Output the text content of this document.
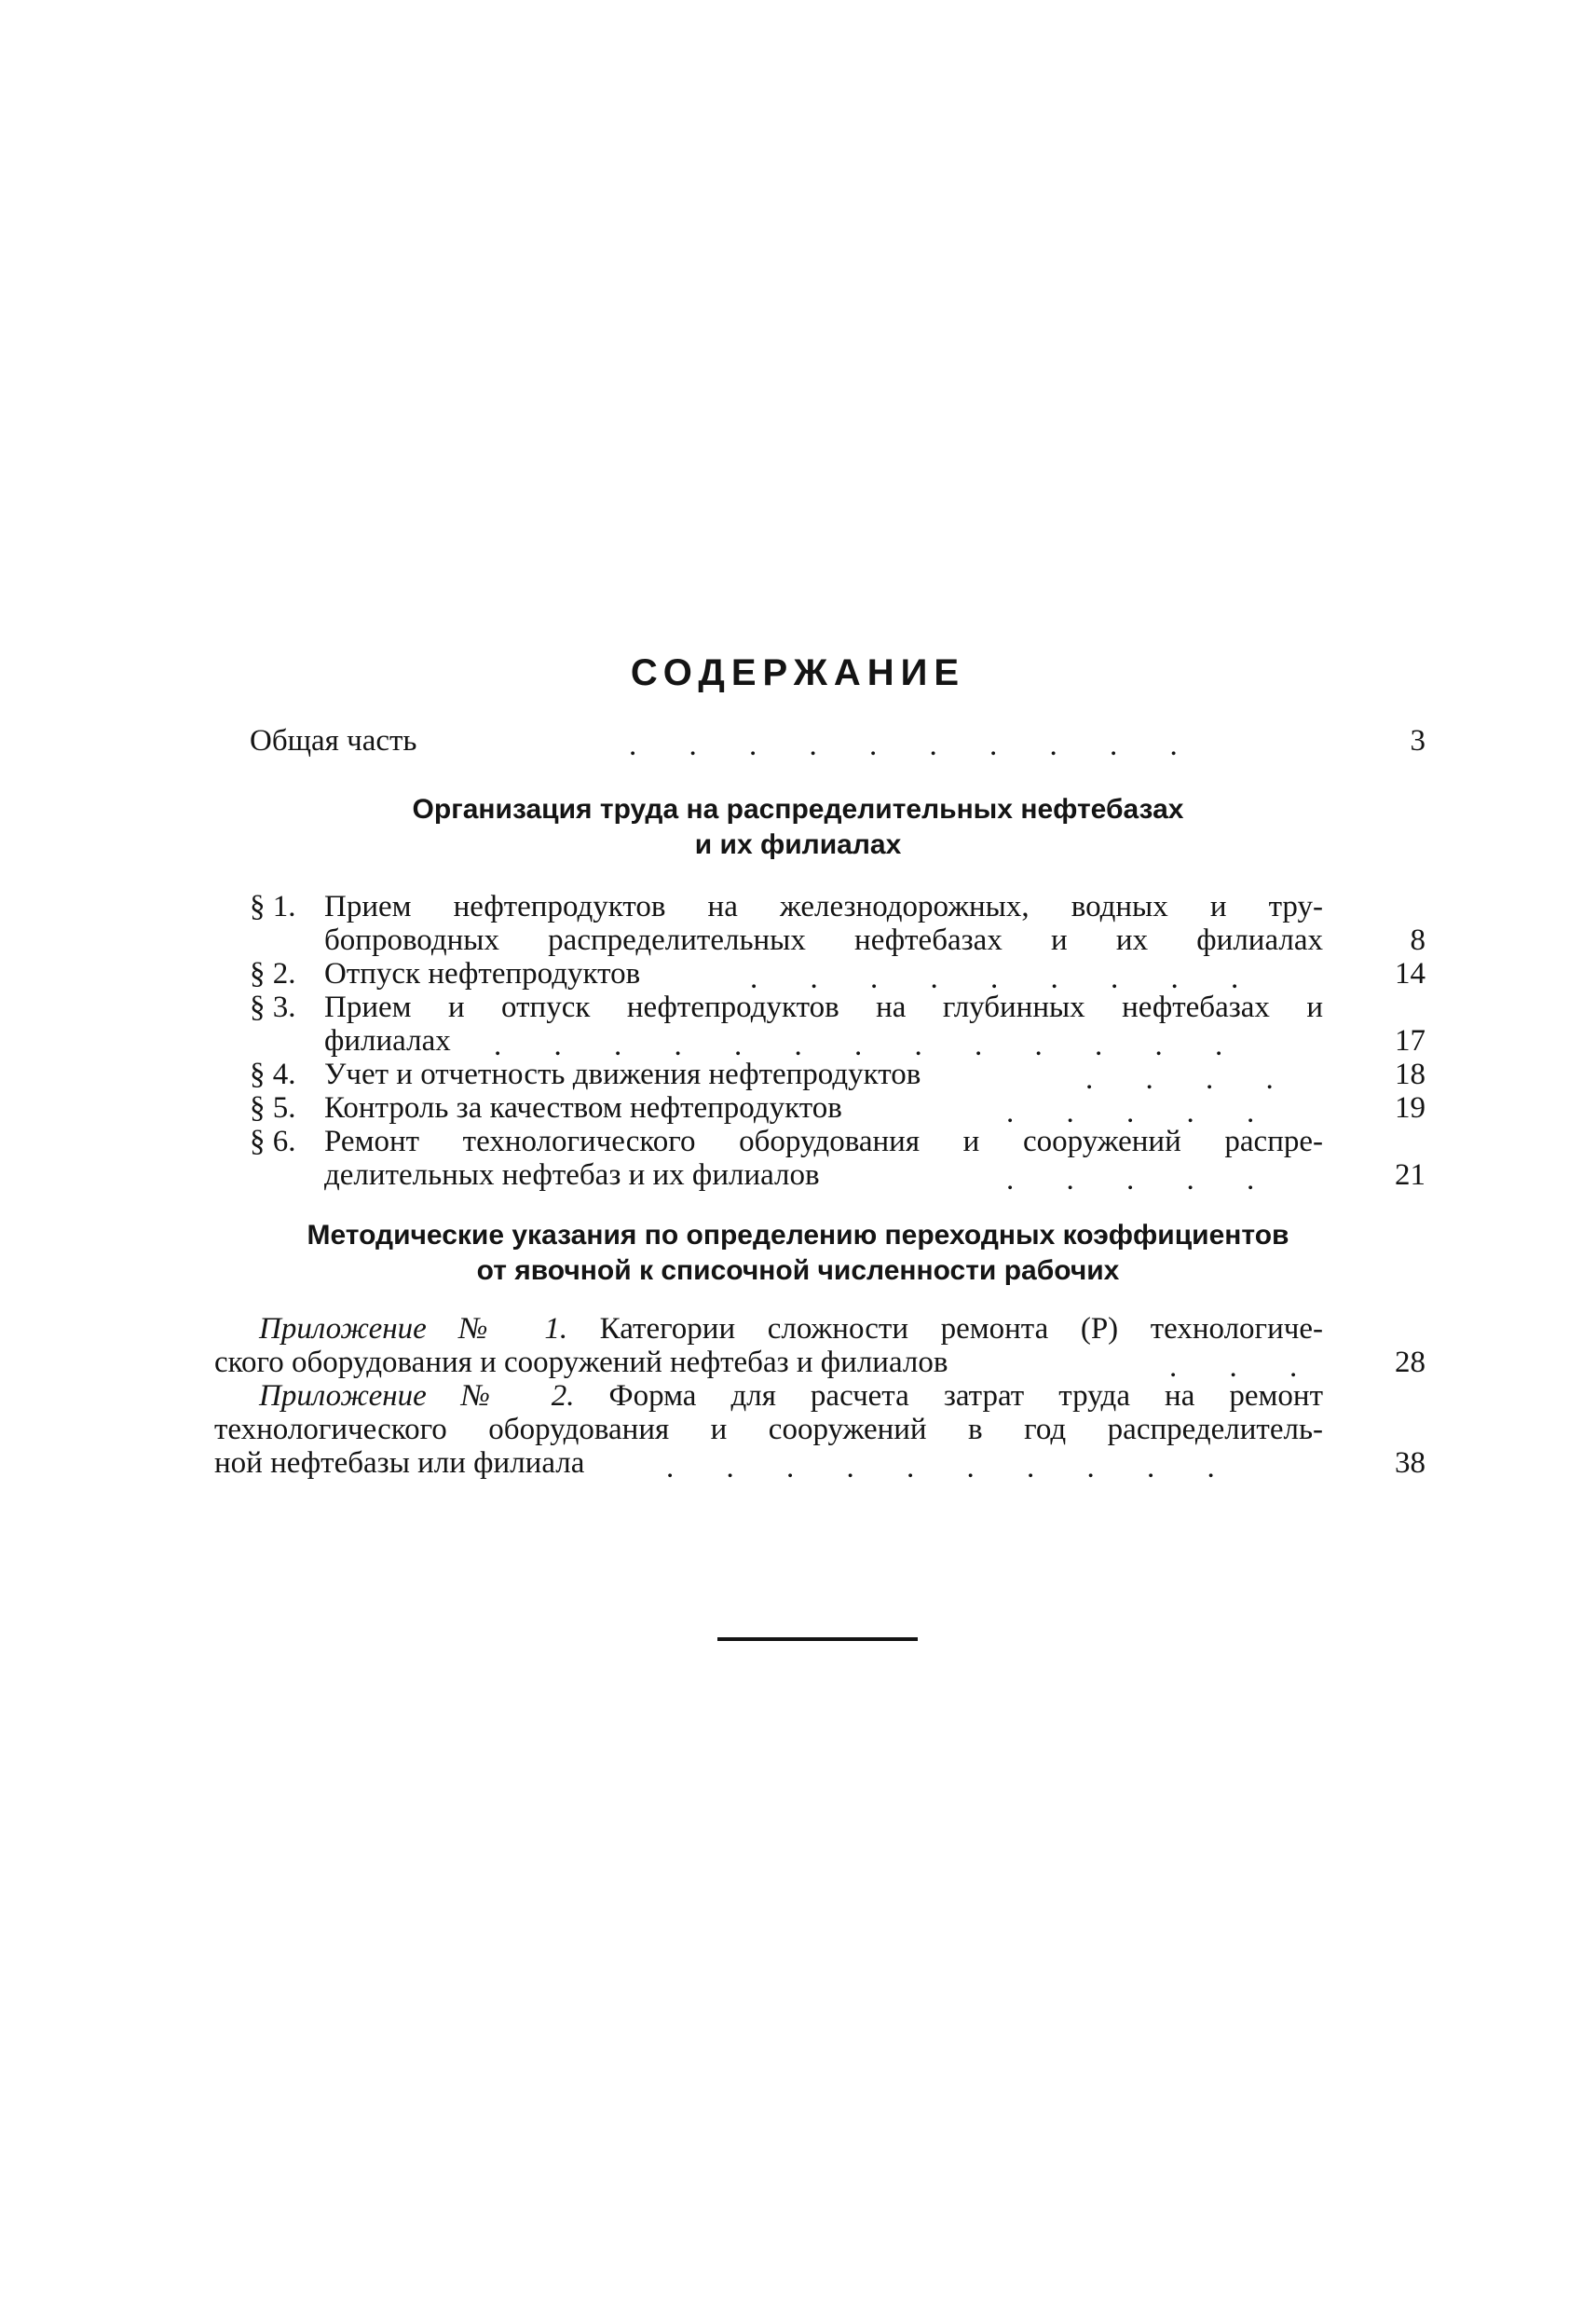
СОДЕРЖАНИЕ
Общая часть	. . . . . . . . . .	3
Организация труда на распределительных нефтебазах
и их филиалах
§ 1. Прием нефтепродуктов на железнодорожных, водных и тру-
бопроводных распределительных нефтебазах и их филиалах	8
§ 2. Отпуск нефтепродуктов	. . . . . . . . .	14
§ 3. Прием и отпуск нефтепродуктов на глубинных нефтебазах и
филиалах . . . . . . . . . . . . .	17
§ 4. Учет и отчетность движения нефтепродуктов	. . . .	18
§ 5. Контроль за качеством нефтепродуктов	. . . . .	19
§ 6. Ремонт технологического оборудования и сооружений распре-
делительных нефтебаз и их филиалов	. . . . .	21
Методические указания по определению переходных коэффициентов
от явочной к списочной численности рабочих
Приложение № 1. Категории сложности ремонта (Р) технологиче-
ского оборудования и сооружений нефтебаз и филиалов	. . .	28
Приложение № 2. Форма для расчета затрат труда на ремонт
технологического оборудования и сооружений в год распределитель-
ной нефтебазы или филиала	. . . . . . . . . .	38
